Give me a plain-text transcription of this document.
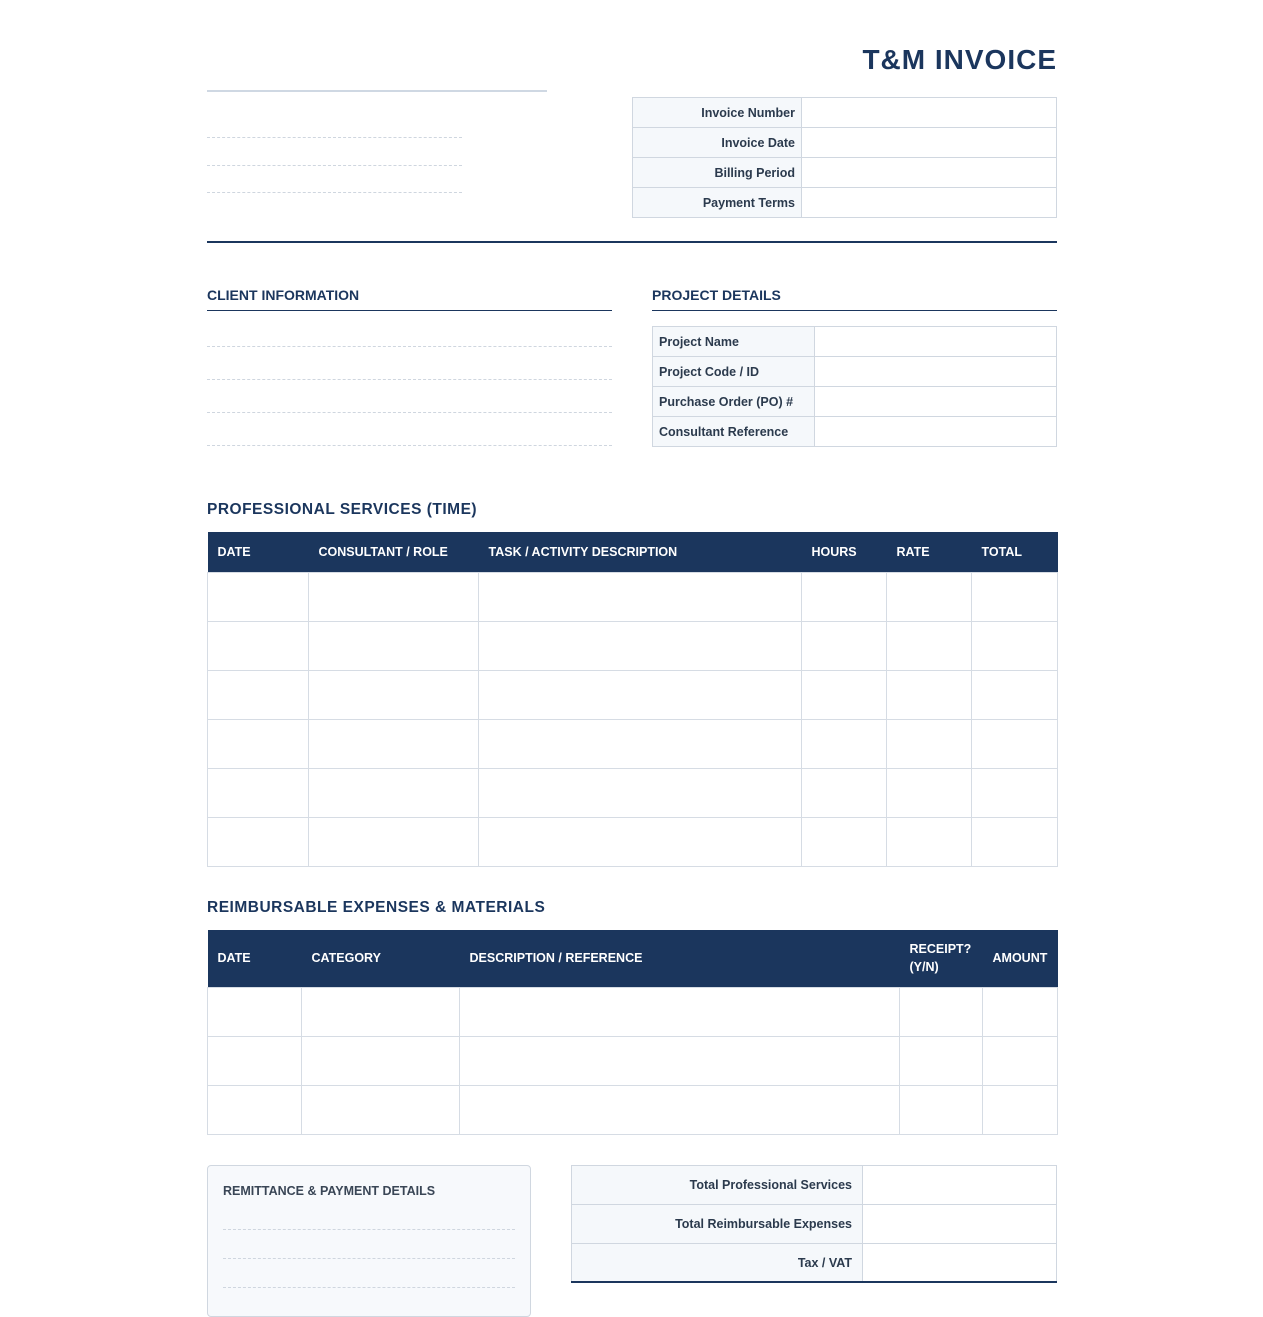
T&M INVOICE
Invoice Number	
Invoice Date	
Billing Period	
Payment Terms	
CLIENT INFORMATION	PROJECT DETAILS
Project Name	
Project Code / ID	
Purchase Order (PO) #	
Consultant Reference	
PROFESSIONAL SERVICES (TIME)
DATE	CONSULTANT / ROLE	TASK / ACTIVITY DESCRIPTION	HOURS	RATE	TOTAL

REIMBURSABLE EXPENSES & MATERIALS
DATE	CATEGORY	DESCRIPTION / REFERENCE	RECEIPT? (Y/N)	AMOUNT

REMITTANCE & PAYMENT DETAILS	Total Professional Services	
Total Reimbursable Expenses	
Tax / VAT	
